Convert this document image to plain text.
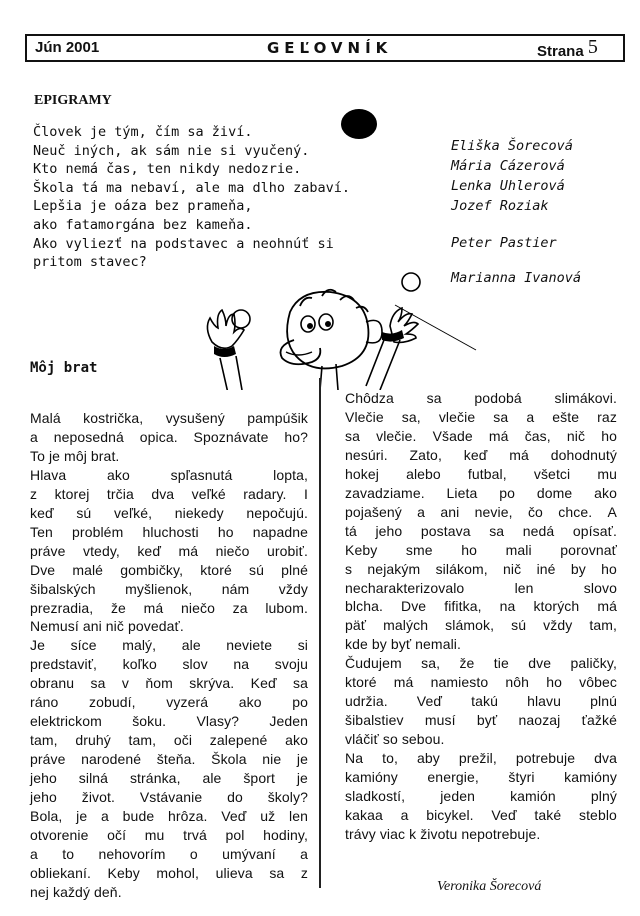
Jún 2001	GEĽOVNÍK	Strana 5
EPIGRAMY
Človek je tým, čím sa živí.
Neuč iných, ak sám nie si vyučený.
Kto nemá čas, ten nikdy nedozrie.
Škola tá ma nebaví, ale ma dlho zabaví.
Lepšia je oáza bez prameňa,
ako fatamorgána bez kameňa.
Ako vyliezť na podstavec a neohnúť si
pritom stavec?
Eliška Šorecová
Mária Cázerová
Lenka Uhlerová
Jozef Roziak
Peter Pastier
Marianna Ivanová
Môj brat
Malá kostrička, vysušený pampúšik
a neposedná opica. Spoznávate ho?
To je môj brat.
Hlava	ako	spľasnutá	lopta,
z ktorej trčia dva veľké radary. I
keď sú veľké, niekedy nepočujú.
Ten problém hluchosti ho napadne
práve vtedy, keď má niečo urobiť.
Dve malé gombičky, ktoré sú plné
šibalských myšlienok, nám vždy
prezradia, že má niečo za lubom.
Nemusí ani nič povedať.
Je síce malý, ale neviete si
predstaviť, koľko slov na svoju
obranu sa v ňom skrýva. Keď sa
ráno zobudí, vyzerá ako po
elektrickom šoku. Vlasy? Jeden
tam, druhý tam, oči zalepené ako
práve narodené šteňa. Škola nie je
jeho silná stránka, ale šport je
jeho život. Vstávanie do školy?
Bola, je a bude hrôza. Veď už len
otvorenie očí mu trvá pol hodiny,
a to nehovorím o umývaní a
obliekaní. Keby mohol, ulieva sa z
nej každý deň.
Chôdza sa podobá slimákovi.
Vlečie sa, vlečie sa a ešte raz
sa vlečie. Všade má čas, nič ho
nesúri. Zato, keď má dohodnutý
hokej alebo futbal, všetci mu
zavadziame. Lieta po dome ako
pojašený a ani nevie, čo chce. A
tá jeho postava sa nedá opísať.
Keby sme ho mali porovnať
s nejakým silákom, nič iné by ho
necharakterizovalo	len	slovo
blcha. Dve fifitka, na ktorých má
päť malých slámok, sú vždy tam,
kde by byť nemali.
Čudujem sa, že tie dve paličky,
ktoré má namiesto nôh ho vôbec
udržia. Veď takú hlavu plnú
šibalstiev musí byť naozaj ťažké
vláčiť so sebou.
Na to, aby prežil, potrebuje dva
kamióny energie, štyri kamióny
sladkostí,	jeden	kamión	plný
kakaa a bicykel. Veď také steblo
trávy viac k životu nepotrebuje.
Veronika Šorecová
